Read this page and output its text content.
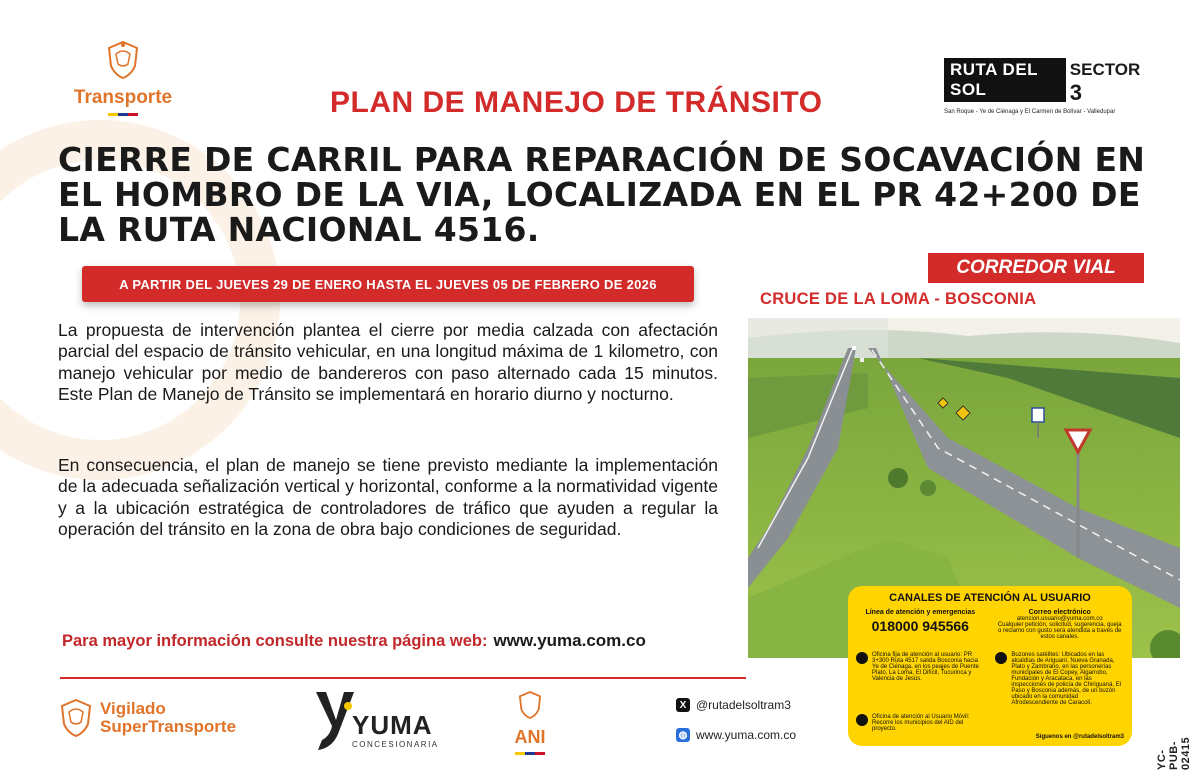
Transporte	PLAN DE MANEJO DE TRÁNSITO
RUTA DEL SOL
SECTOR 3
San Roque - Ye de Ciénaga y El Carmen de Bolívar - Valledupar
CIERRE DE CARRIL PARA REPARACIÓN DE SOCAVACIÓN EN EL HOMBRO DE LA VIA, LOCALIZADA EN EL PR 42+200 DE LA RUTA NACIONAL 4516.
A PARTIR DEL JUEVES 29 DE ENERO HASTA EL JUEVES 05 DE FEBRERO DE 2026

La propuesta de intervención plantea el cierre por media calzada con afectación parcial del espacio de tránsito vehicular, en una longitud máxima de 1 kilometro, con manejo vehicular por medio de bandereros con paso alternado cada 15 minutos. Este Plan de Manejo de Tránsito se implementará en horario diurno y nocturno.

En consecuencia, el plan de manejo se tiene previsto mediante la implementación de la adecuada señalización vertical y horizontal, conforme a la normatividad vigente y a la ubicación estratégica de controladores de tráfico que ayuden a regular la operación del tránsito en la zona de obra bajo condiciones de seguridad.

Para mayor información consulte nuestra página web: www.yuma.com.co
CORREDOR VIAL
CRUCE DE LA LOMA - BOSCONIA
CANALES DE ATENCIÓN AL USUARIO
Línea de atención y emergencias
018000 945566
Correo electrónico
atencion.usuario@yuma.com.co
Cualquier petición, solicitud, sugerencia, queja o reclamo con gusto será atendida a través de estos canales.
Oficina fija de atención al usuario: PR 3+300 Ruta 4517 salida Bosconia hacia Ye de Ciénaga, en los peajes de Puente Plato, La Loma, El Difícil, Tucurinca y Valencia de Jesús.
Buzones satélites: Ubicados en las alcaldías de Ariguaní, Nueva Granada, Plato y Zambrano, en las personerías municipales de El Copey, Algarrobo, Fundación y Aracataca, en las inspecciones de policía de Chiriguaná, El Paso y Bosconia además, de un buzón ubicado en la comunidad Afrodescendiente de Caracolí.
Oficina de atención al Usuario Móvil: Recorre los municipios del AID del proyecto.
Síguenos en @rutadelsoltram3
Vigilado
SuperTransporte	YUMA
CONCESIONARIA	ANI
X @rutadelsoltram3
◍ www.yuma.com.co
YC-PUB-02415
